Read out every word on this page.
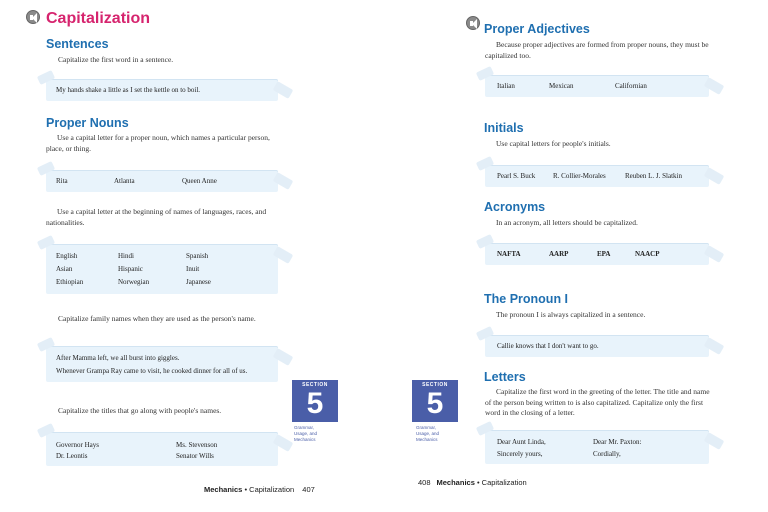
Capitalization
Sentences
Capitalize the first word in a sentence.
My hands shake a little as I set the kettle on to boil.
Proper Nouns
Use a capital letter for a proper noun, which names a particular person, place, or thing.
Rita	Atlanta	Queen Anne
Use a capital letter at the beginning of names of languages, races, and nationalities.
English	Hindi	Spanish
Asian	Hispanic	Inuit
Ethiopian	Norwegian	Japanese
Capitalize family names when they are used as the person's name.
After Mamma left, we all burst into giggles.
Whenever Grampa Ray came to visit, he cooked dinner for all of us.
Capitalize the titles that go along with people's names.
Governor Hays	Ms. Stevenson
Dr. Leontis	Senator Wills
SECTION
5
Grammar,
Usage, and
Mechanics
Mechanics • Capitalization 407
Proper Adjectives
Because proper adjectives are formed from proper nouns, they must be capitalized too.
Italian	Mexican	Californian
Initials
Use capital letters for people's initials.
Pearl S. Buck	R. Collier-Morales	Reuben L. J. Slatkin
Acronyms
In an acronym, all letters should be capitalized.
NAFTA	AARP	EPA	NAACP
The Pronoun I
The pronoun I is always capitalized in a sentence.
Callie knows that I don't want to go.
Letters
Capitalize the first word in the greeting of the letter. The title and name of the person being written to is also capitalized. Capitalize only the first word in the closing of a letter.
Dear Aunt Linda,	Dear Mr. Paxton:
Sincerely yours,	Cordially,
SECTION
5
Grammar,
Usage, and
Mechanics
408 Mechanics • Capitalization
